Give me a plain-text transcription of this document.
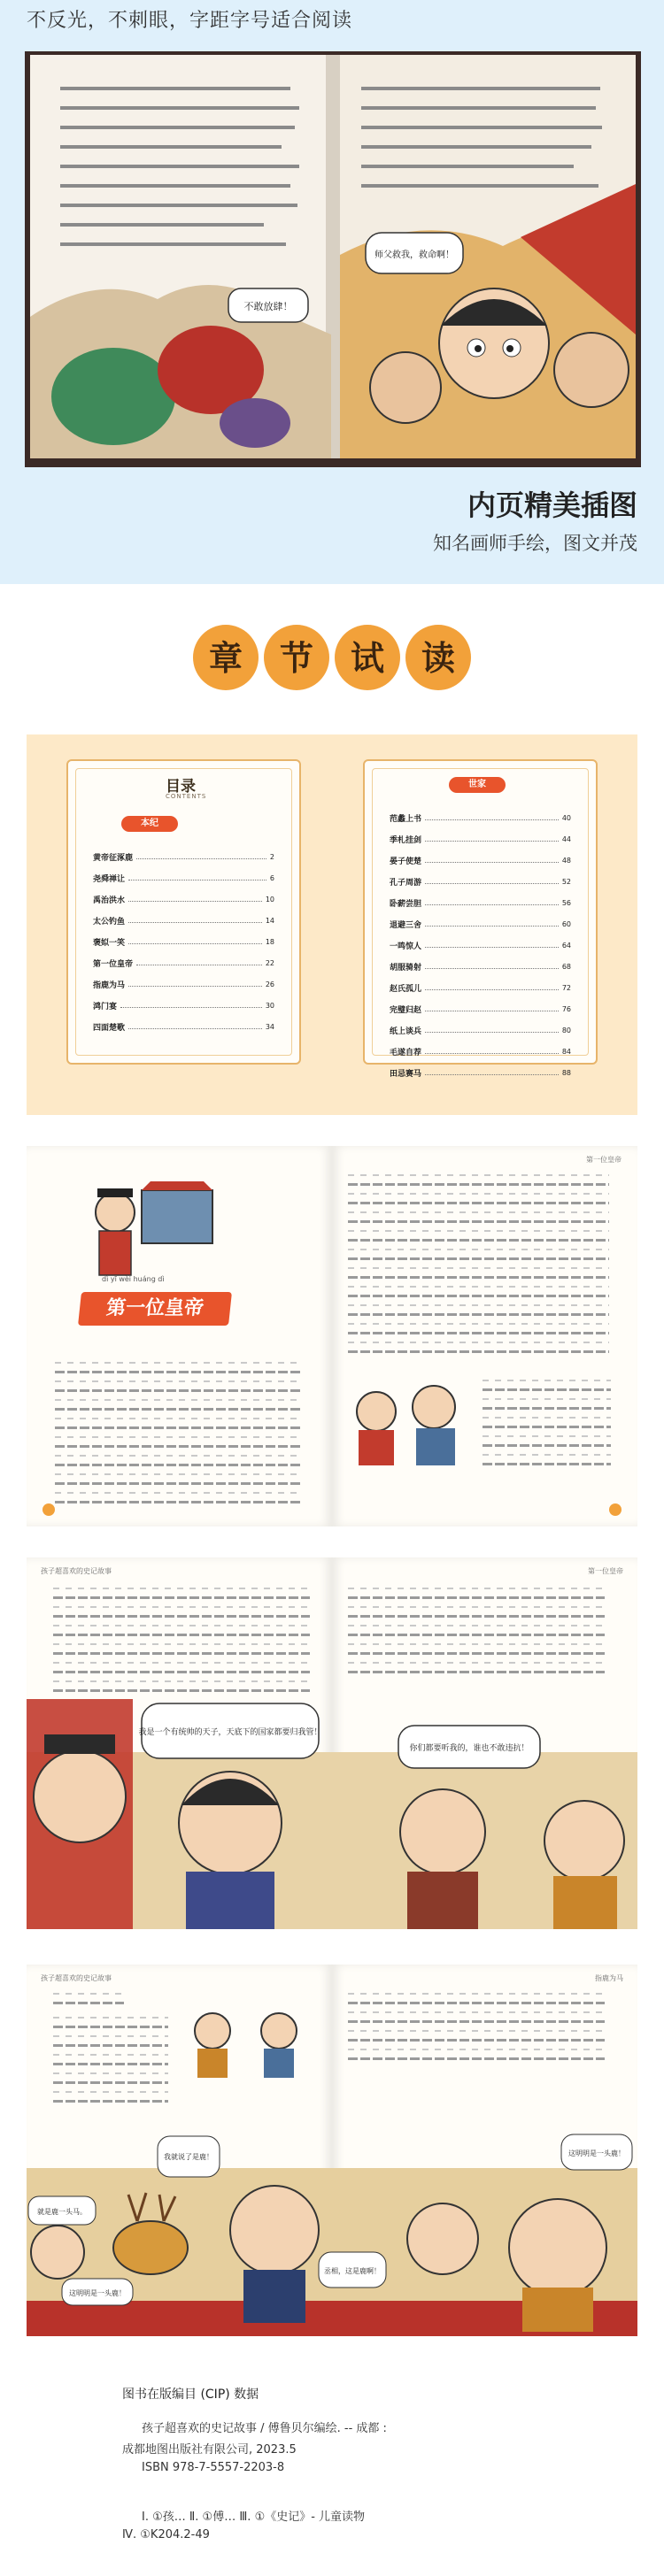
不反光，不刺眼，字距字号适合阅读
不敢放肆！
师父救我，救命啊！
内页精美插图
知名画师手绘，图文并茂
章 节 试 读
目录
CONTENTS
本纪
黄帝征涿鹿	2
尧舜禅让	6
禹治洪水	10
太公钓鱼	14
褒姒一笑	18
第一位皇帝	22
指鹿为马	26
鸿门宴	30
四面楚歌	34
世家
范蠡上书	40
季札挂剑	44
晏子使楚	48
孔子周游	52
卧薪尝胆	56
退避三舍	60
一鸣惊人	64
胡服骑射	68
赵氏孤儿	72
完璧归赵	76
纸上谈兵	80
毛遂自荐	84
田忌赛马	88
dì yī wèi huáng dì
第一位皇帝
第一位皇帝
孩子超喜欢的史记故事	第一位皇帝
我是一个有统帅的天子，天底下的国家都要归我管！
你们都要听我的，谁也不敢违抗！
孩子超喜欢的史记故事	指鹿为马
就是鹿一头马。
我就说了是鹿！
这明明是一头鹿！
丞相，这是鹿啊！
这明明是一头鹿！
图书在版编目 (CIP) 数据
孩子超喜欢的史记故事 / 傅鲁贝尔编绘. -- 成都 :
成都地图出版社有限公司, 2023.5
ISBN 978-7-5557-2203-8
Ⅰ. ①孩… Ⅱ. ①傅… Ⅲ. ①《史记》- 儿童读物
Ⅳ. ①K204.2-49
